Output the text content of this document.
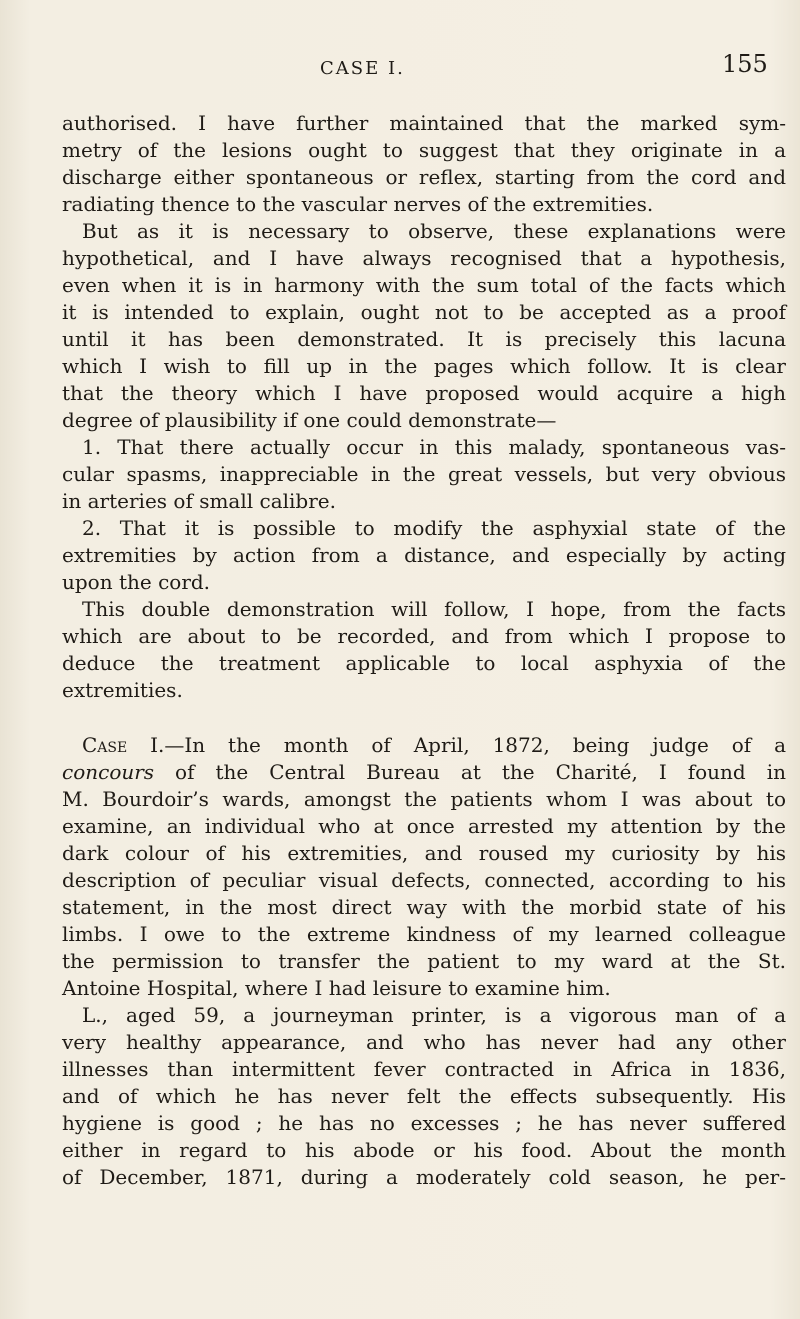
CASE I.	155
authorised. I have further maintained that the marked sym-
metry of the lesions ought to suggest that they originate in a
discharge either spontaneous or reflex, starting from the cord and
radiating thence to the vascular nerves of the extremities.
But as it is necessary to observe, these explanations were
hypothetical, and I have always recognised that a hypothesis,
even when it is in harmony with the sum total of the facts which
it is intended to explain, ought not to be accepted as a proof
until it has been demonstrated. It is precisely this lacuna
which I wish to fill up in the pages which follow. It is clear
that the theory which I have proposed would acquire a high
degree of plausibility if one could demonstrate—
1. That there actually occur in this malady, spontaneous vas-
cular spasms, inappreciable in the great vessels, but very obvious
in arteries of small calibre.
2. That it is possible to modify the asphyxial state of the
extremities by action from a distance, and especially by acting
upon the cord.
This double demonstration will follow, I hope, from the facts
which are about to be recorded, and from which I propose to
deduce the treatment applicable to local asphyxia of the
extremities.
Case I.—In the month of April, 1872, being judge of a
concours of the Central Bureau at the Charité, I found in
M. Bourdoir’s wards, amongst the patients whom I was about to
examine, an individual who at once arrested my attention by the
dark colour of his extremities, and roused my curiosity by his
description of peculiar visual defects, connected, according to his
statement, in the most direct way with the morbid state of his
limbs. I owe to the extreme kindness of my learned colleague
the permission to transfer the patient to my ward at the St.
Antoine Hospital, where I had leisure to examine him.
L., aged 59, a journeyman printer, is a vigorous man of a
very healthy appearance, and who has never had any other
illnesses than intermittent fever contracted in Africa in 1836,
and of which he has never felt the effects subsequently. His
hygiene is good ; he has no excesses ; he has never suffered
either in regard to his abode or his food. About the month
of December, 1871, during a moderately cold season, he per-
